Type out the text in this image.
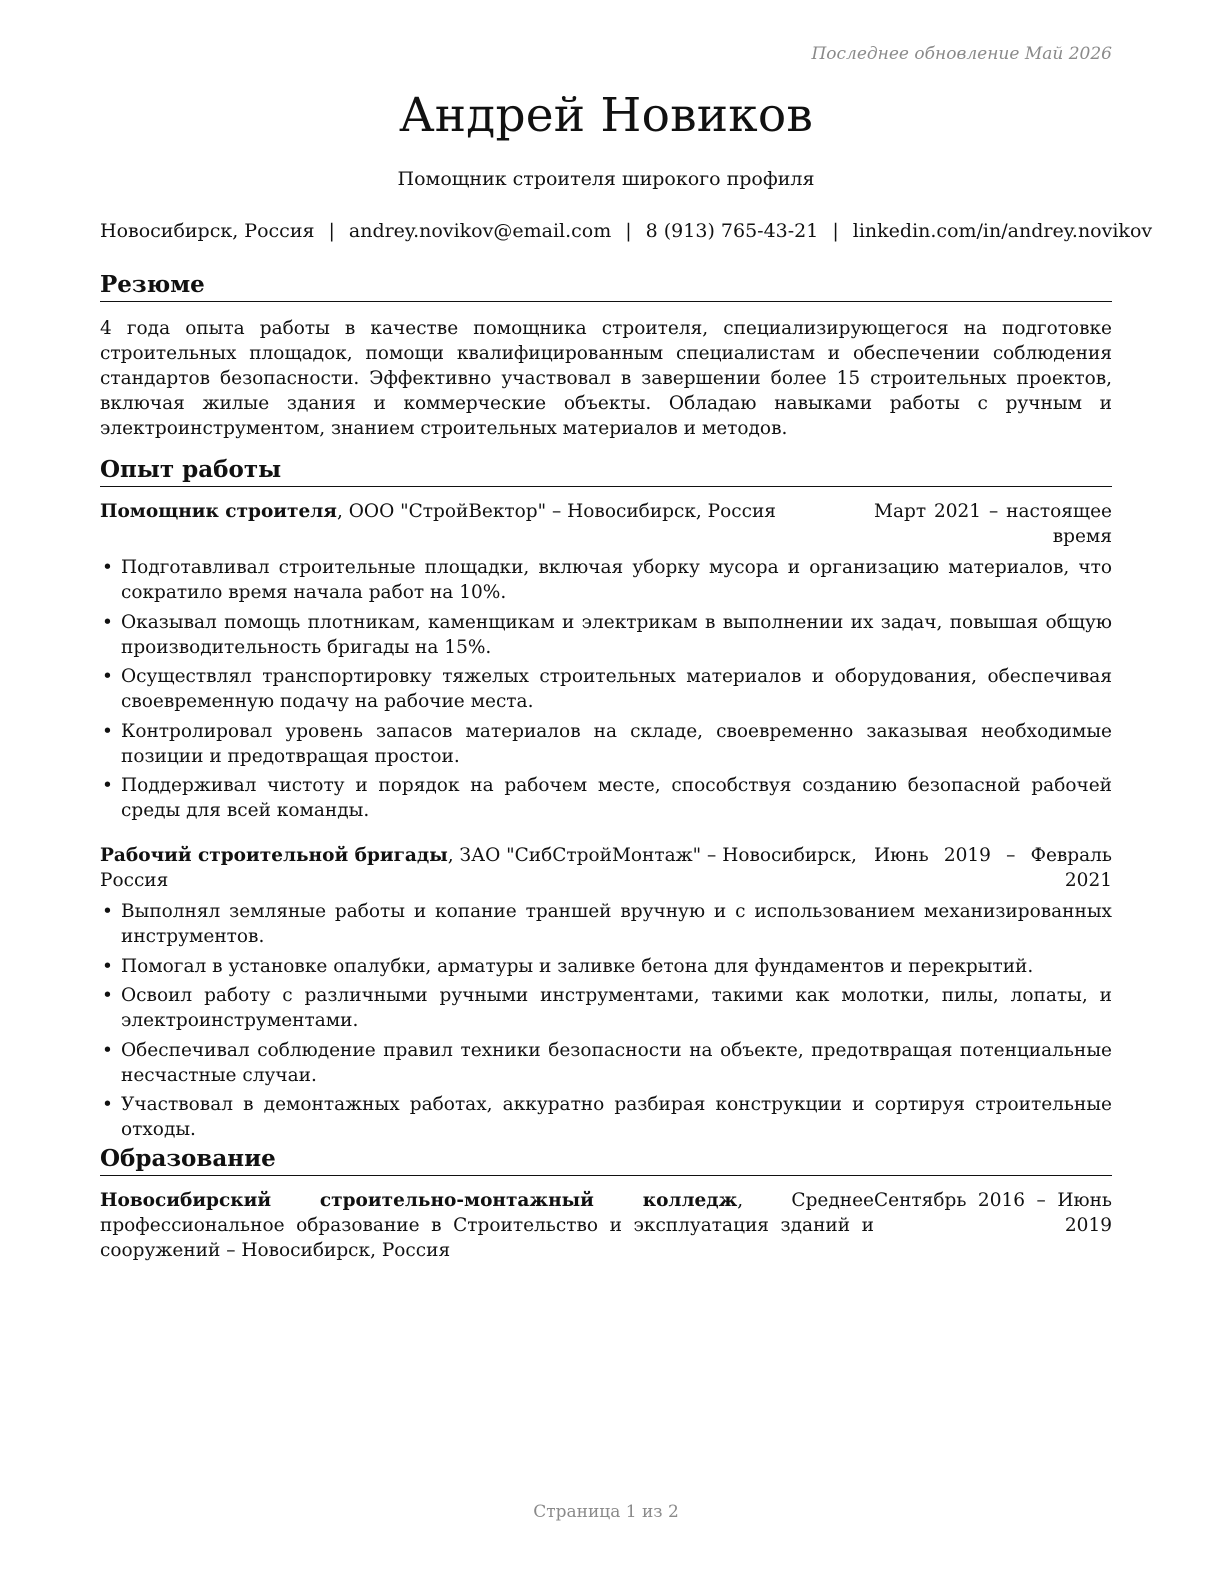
Последнее обновление Май 2026
Андрей Новиков
Помощник строителя широкого профиля
Новосибирск, Россия | andrey.novikov@email.com | 8 (913) 765-43-21 | linkedin.com/in/andrey.novikov
Резюме

4 года опыта работы в качестве помощника строителя, специализирующегося на подготовке строительных площадок, помощи квалифицированным специалистам и обеспечении соблюдения стандартов безопасности. Эффективно участвовал в завершении более 15 строительных проектов, включая жилые здания и коммерческие объекты. Обладаю навыками работы с ручным и электроинструментом, знанием строительных материалов и методов.

Опыт работы
Помощник строителя, ООО "СтройВектор" – Новосибирск, Россия	Март 2021 – настоящее время
• Подготавливал строительные площадки, включая уборку мусора и организацию материалов, что сократило время начала работ на 10%.
• Оказывал помощь плотникам, каменщикам и электрикам в выполнении их задач, повышая общую производительность бригады на 15%.
• Осуществлял транспортировку тяжелых строительных материалов и оборудования, обеспечивая своевременную подачу на рабочие места.
• Контролировал уровень запасов материалов на складе, своевременно заказывая необходимые позиции и предотвращая простои.
• Поддерживал чистоту и порядок на рабочем месте, способствуя созданию безопасной рабочей среды для всей команды.
Рабочий строительной бригады, ЗАО "СибСтройМонтаж" – Новосибирск, Россия
Июнь 2019 – Февраль 2021
• Выполнял земляные работы и копание траншей вручную и с использованием механизированных инструментов.
• Помогал в установке опалубки, арматуры и заливке бетона для фундаментов и перекрытий.
• Освоил работу с различными ручными инструментами, такими как молотки, пилы, лопаты, и электроинструментами.
• Обеспечивал соблюдение правил техники безопасности на объекте, предотвращая потенциальные несчастные случаи.
• Участвовал в демонтажных работах, аккуратно разбирая конструкции и сортируя строительные отходы.
Образование
Новосибирский строительно-монтажный колледж, Среднее профессиональное образование в Строительство и эксплуатация зданий и сооружений – Новосибирск, Россия
Сентябрь 2016 – Июнь 2019
Страница 1 из 2
